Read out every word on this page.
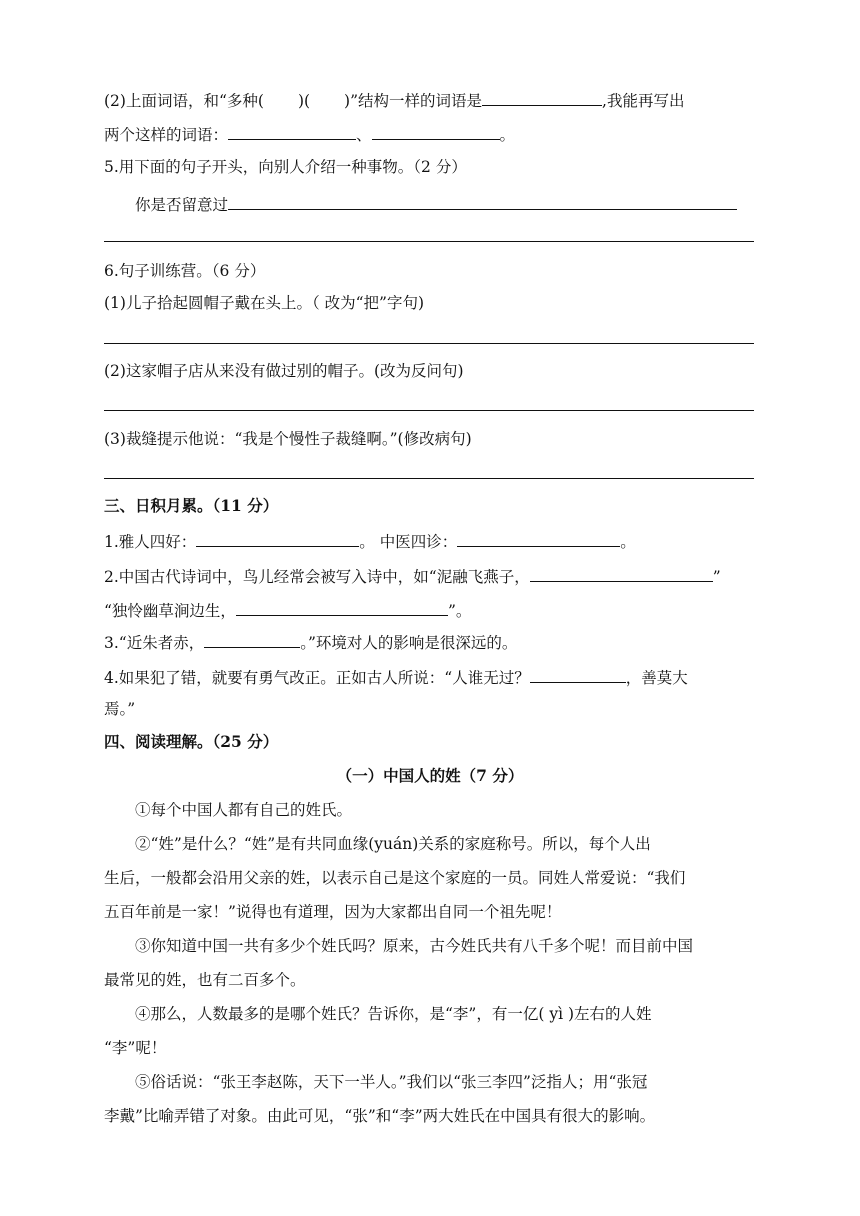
(2)上面词语，和“多种( )( )”结构一样的词语是	,我能再写出
两个这样的词语：	、	。
5.用下面的句子开头，向别人介绍一种事物。（2 分）
你是否留意过
6.句子训练营。（6 分）
(1)儿子拾起圆帽子戴在头上。（ 改为“把”字句)
(2)这家帽子店从来没有做过别的帽子。(改为反问句)
(3)裁缝提示他说：“我是个慢性子裁缝啊。”(修改病句)
三、日积月累。（11 分）
1.雅人四好：	。 中医四诊：	。
2.中国古代诗词中，鸟儿经常会被写入诗中，如“泥融飞燕子，	”
“独怜幽草涧边生，	”。
3.“近朱者赤，	。”环境对人的影响是很深远的。
4.如果犯了错，就要有勇气改正。正如古人所说：“人谁无过？	，善莫大
焉。”
四、阅读理解。（25 分）
（一）中国人的姓（7 分）
①每个中国人都有自己的姓氏。
②“姓”是什么？“姓”是有共同血缘(yuán)关系的家庭称号。所以，每个人出
生后，一般都会沿用父亲的姓，以表示自己是这个家庭的一员。同姓人常爱说：“我们
五百年前是一家！”说得也有道理，因为大家都出自同一个祖先呢！
③你知道中国一共有多少个姓氏吗？原来，古今姓氏共有八千多个呢！而目前中国
最常见的姓，也有二百多个。
④那么，人数最多的是哪个姓氏？告诉你，是“李”，有一亿( yì )左右的人姓
“李”呢！
⑤俗话说：“张王李赵陈，天下一半人。”我们以“张三李四”泛指人；用“张冠
李戴”比喻弄错了对象。由此可见，“张”和“李”两大姓氏在中国具有很大的影响。
